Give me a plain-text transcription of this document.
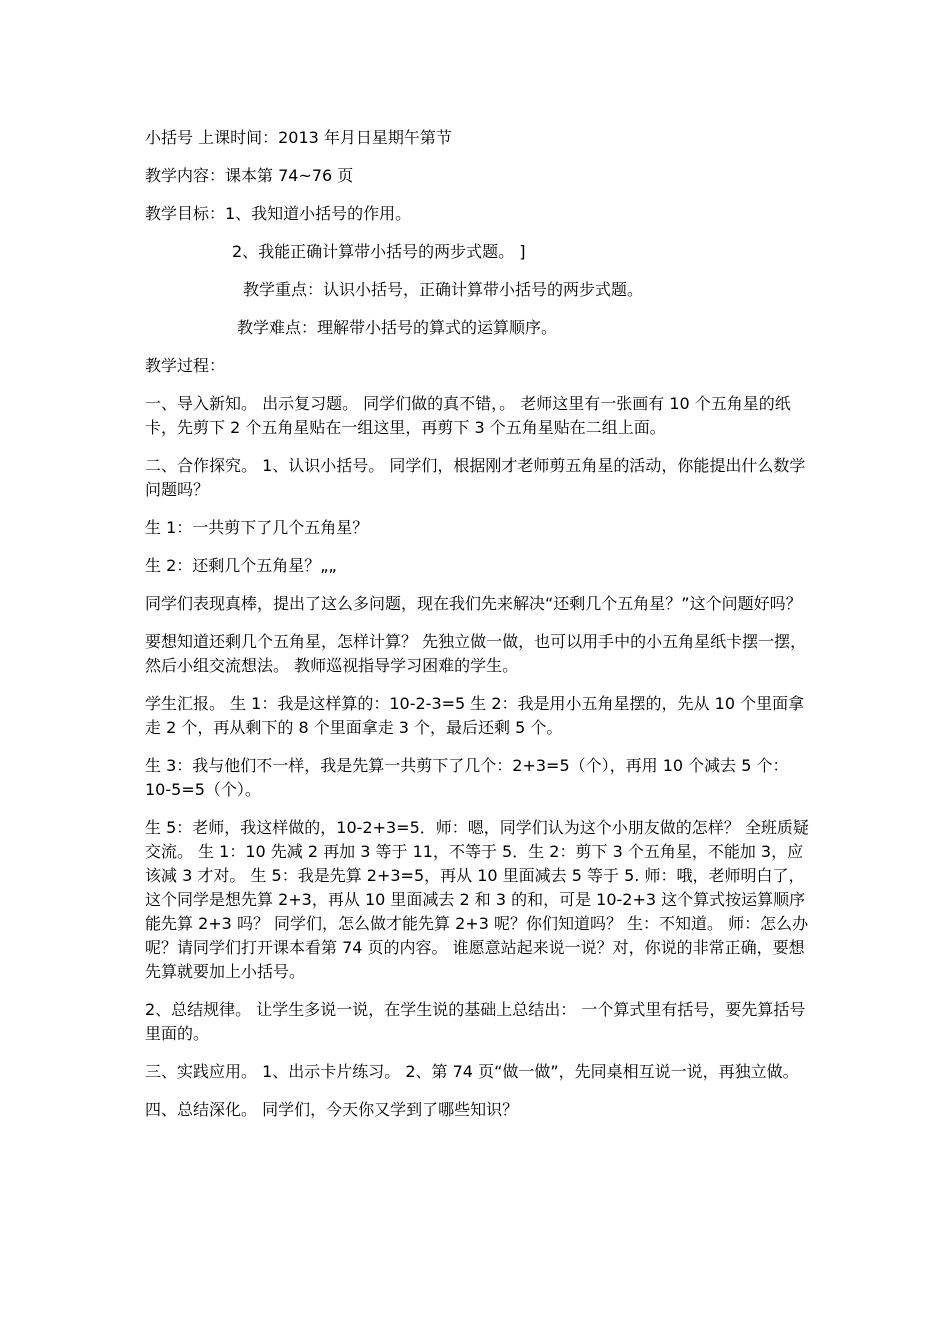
小括号 上课时间：2013 年月日星期午第节

教学内容：课本第 74~76 页

教学目标：1、我知道小括号的作用。

2、我能正确计算带小括号的两步式题。 ]

教学重点：认识小括号，正确计算带小括号的两步式题。

教学难点：理解带小括号的算式的运算顺序。

教学过程：

一、导入新知。 出示复习题。 同学们做的真不错，。 老师这里有一张画有 10 个五角星的纸卡，先剪下 2 个五角星贴在一组这里，再剪下 3 个五角星贴在二组上面。

二、合作探究。 1、认识小括号。 同学们，根据刚才老师剪五角星的活动，你能提出什么数学问题吗？

生 1：一共剪下了几个五角星？

生 2：还剩几个五角星？„„

同学们表现真棒，提出了这么多问题，现在我们先来解决“还剩几个五角星？”这个问题好吗？

要想知道还剩几个五角星，怎样计算？ 先独立做一做，也可以用手中的小五角星纸卡摆一摆，然后小组交流想法。 教师巡视指导学习困难的学生。

学生汇报。 生 1：我是这样算的：10-2-3=5 生 2：我是用小五角星摆的，先从 10 个里面拿走 2 个，再从剩下的 8 个里面拿走 3 个，最后还剩 5 个。

生 3：我与他们不一样，我是先算一共剪下了几个：2+3=5（个），再用 10 个减去 5 个：10-5=5（个）。

生 5：老师，我这样做的，10-2+3=5．师：嗯，同学们认为这个小朋友做的怎样？ 全班质疑交流。 生 1：10 先减 2 再加 3 等于 11，不等于 5．生 2：剪下 3 个五角星，不能加 3，应该减 3 才对。 生 5：我是先算 2+3=5，再从 10 里面减去 5 等于 5. 师：哦，老师明白了，这个同学是想先算 2+3，再从 10 里面减去 2 和 3 的和，可是 10-2+3 这个算式按运算顺序能先算 2+3 吗？ 同学们，怎么做才能先算 2+3 呢？你们知道吗？ 生：不知道。 师：怎么办呢？请同学们打开课本看第 74 页的内容。 谁愿意站起来说一说？对，你说的非常正确，要想先算就要加上小括号。

2、总结规律。 让学生多说一说，在学生说的基础上总结出： 一个算式里有括号，要先算括号里面的。

三、实践应用。 1、出示卡片练习。 2、第 74 页“做一做”，先同桌相互说一说，再独立做。

四、总结深化。 同学们，今天你又学到了哪些知识？
